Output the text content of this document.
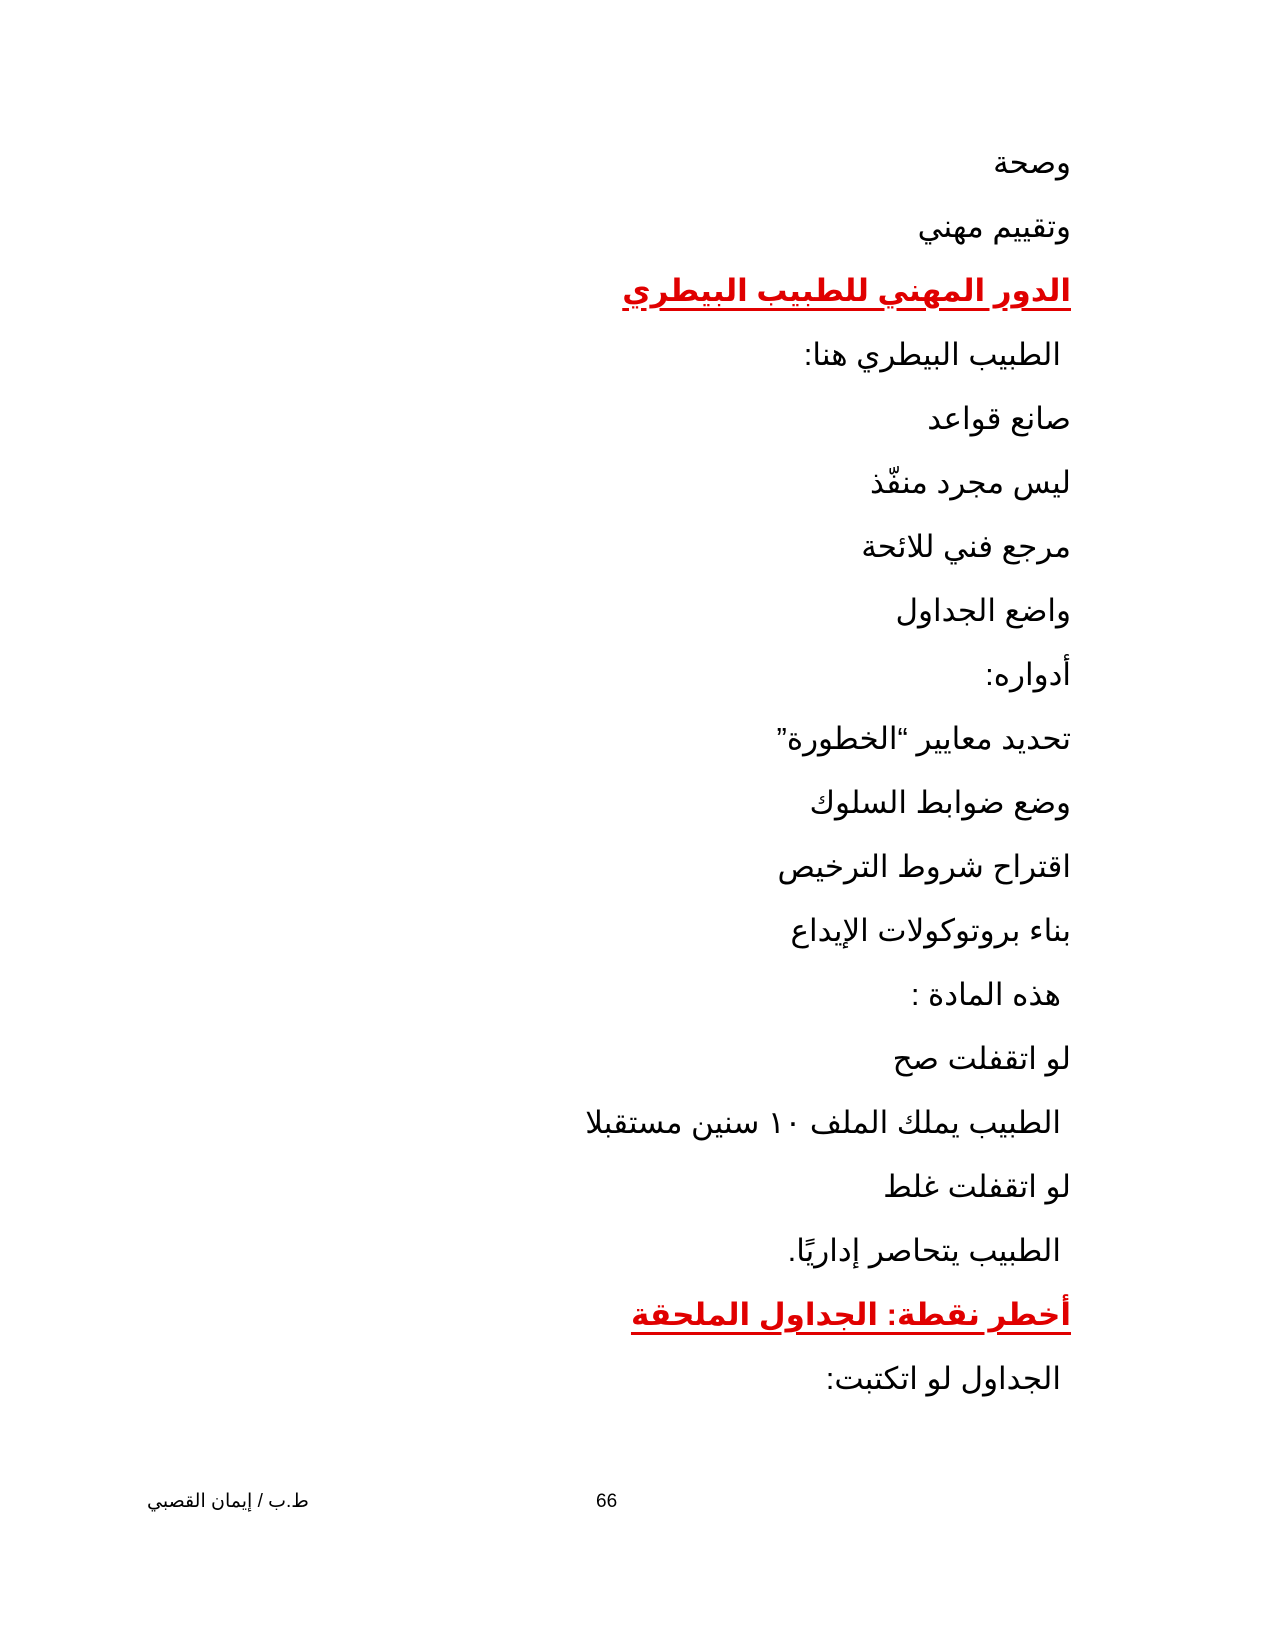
وصحة
وتقييم مهني
الدور المهني للطبيب البيطري
الطبيب البيطري هنا:
صانع قواعد
ليس مجرد منفّذ
مرجع فني للائحة
واضع الجداول
أدواره:
تحديد معايير “الخطورة”
وضع ضوابط السلوك
اقتراح شروط الترخيص
بناء بروتوكولات الإيداع
هذه المادة :
لو اتقفلت صح
الطبيب يملك الملف ١٠ سنين مستقبلا
لو اتقفلت غلط
الطبيب يتحاصر إداريًا.
أخطر نقطة: الجداول الملحقة
الجداول لو اتكتبت:
66
ط.ب / إيمان القصبي
